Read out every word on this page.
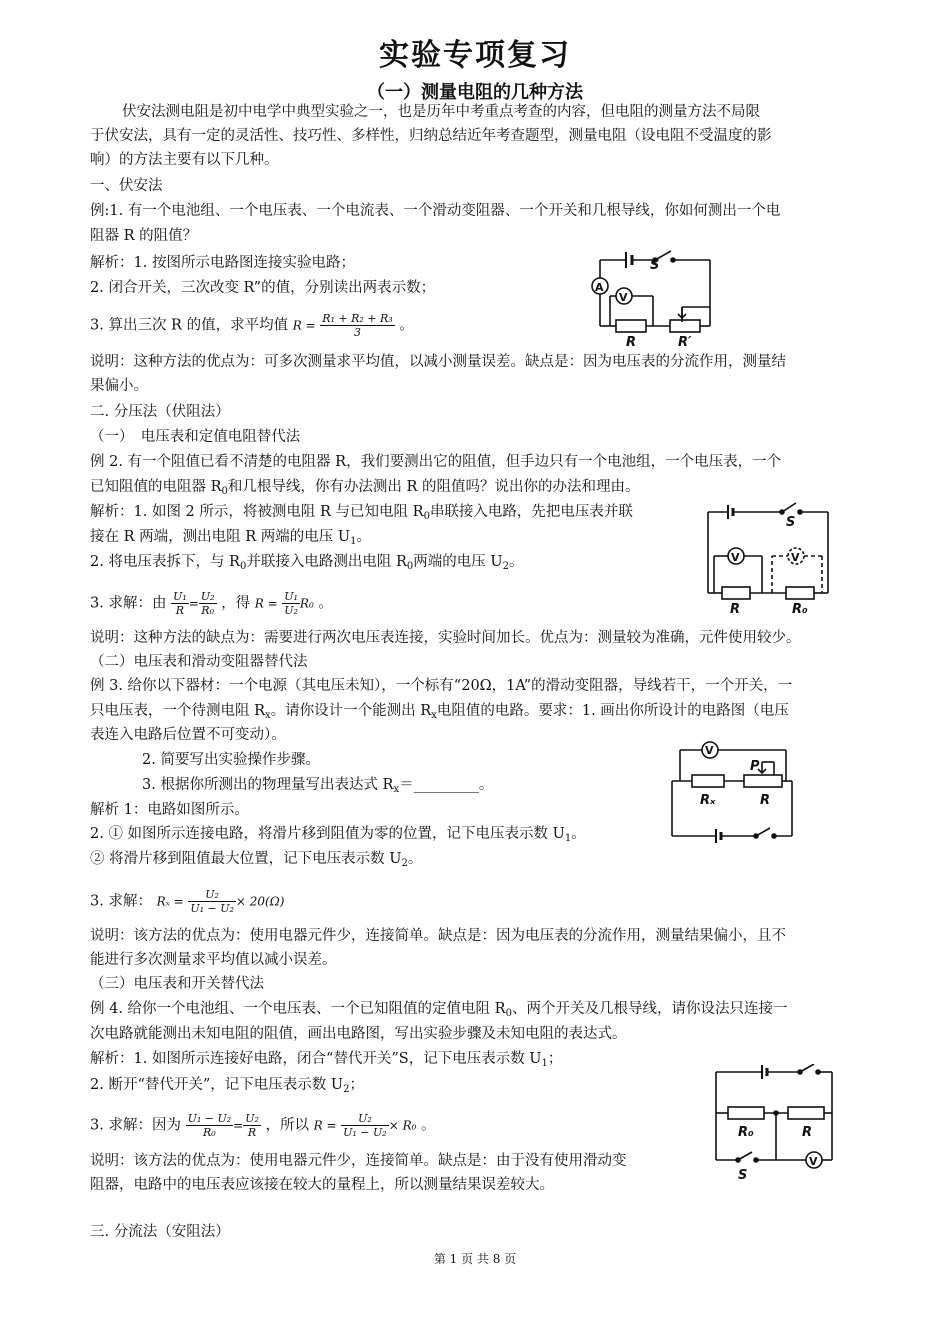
实验专项复习
（一）测量电阻的几种方法
伏安法测电阻是初中电学中典型实验之一，也是历年中考重点考查的内容，但电阻的测量方法不局限
于伏安法，具有一定的灵活性、技巧性、多样性，归纳总结近年考查题型，测量电阻（设电阻不受温度的影
响）的方法主要有以下几种。
一、伏安法
例:1. 有一个电池组、一个电压表、一个电流表、一个滑动变阻器、一个开关和几根导线，你如何测出一个电
阻器 R 的阻值？
解析：1. 按图所示电路图连接实验电路；
2. 闭合开关，三次改变 R”的值，分别读出两表示数；
3. 算出三次 R 的值，求平均值 $R = \frac{\text{R₁ + R₂ + R₃}}{3}$ 。
说明：这种方法的优点为：可多次测量求平均值，以减小测量误差。缺点是：因为电压表的分流作用，测量结
果偏小。
S
A
V
R	R′
二. 分压法（伏阻法）
（一）　电压表和定值电阻替代法
例 2. 有一个阻值已看不清楚的电阻器 R，我们要测出它的阻值，但手边只有一个电池组，一个电压表，一个
已知阻值的电阻器 $R_0$和几根导线，你有办法测出 R 的阻值吗？说出你的办法和理由。
解析：1. 如图 2 所示，将被测电阻 R 与已知电阻 $R_0$串联接入电路，先把电压表并联
接在 R 两端，测出电阻 R 两端的电压 $U_1$。
2. 将电压表拆下，与 $R_0$并联接入电路测出电阻 $R_0$两端的电压 $U_2$。
3. 求解：由 $\frac{\text{U₁}}{R} = \frac{\text{U₂}}{\text{R₀}}$ ，得 $R = \frac{\text{U₁}}{\text{U₂}} R_0$ 。
说明：这种方法的缺点为：需要进行两次电压表连接，实验时间加长。优点为：测量较为准确，元件使用较少。
S
V	V
R	R₀
（二）电压表和滑动变阻器替代法
例 3. 给你以下器材：一个电源（其电压未知），一个标有“20Ω，1A”的滑动变阻器，导线若干，一个开关，一
只电压表，一个待测电阻 $R_x$。请你设计一个能测出 $R_x$电阻值的电路。要求：1. 画出你所设计的电路图（电压
表连入电路后位置不可变动）。
2. 简要写出实验操作步骤。
3. 根据你所测出的物理量写出表达式 $R_x=\_\_\_\_\_\_\_\_\_$。
解析 1：电路如图所示。
2. ① 如图所示连接电路，将滑片移到阻值为零的位置，记下电压表示数 $U_1$。
② 将滑片移到阻值最大位置，记下电压表示数 $U_2$。
3. 求解： $R_x = \frac{\text{U₂}}{\text{U₁ − U₂}} \times 20(\Omega)$
说明：该方法的优点为：使用电器元件少，连接简单。缺点是：因为电压表的分流作用，测量结果偏小，且不
能进行多次测量求平均值以减小误差。
V
P
Rₓ	R
（三）电压表和开关替代法
例 4. 给你一个电池组、一个电压表、一个已知阻值的定值电阻 $R_0$、两个开关及几根导线，请你设法只连接一
次电路就能测出未知电阻的阻值，画出电路图，写出实验步骤及未知电阻的表达式。
解析：1. 如图所示连接好电路，闭合“替代开关”S，记下电压表示数 $U_1$；
2. 断开“替代开关”，记下电压表示数 $U_2$；
3. 求解：因为 $\frac{\text{U₁ − U₂}}{\text{R₀}} = \frac{\text{U₂}}{R}$ ，所以 $R = \frac{\text{U₂}}{\text{U₁ − U₂}} \times R_0$ 。
说明：该方法的优点为：使用电器元件少，连接简单。缺点是：由于没有使用滑动变
阻器，电路中的电压表应该接在较大的量程上，所以测量结果误差较大。
R₀	R
S
V
三. 分流法（安阻法）
第 1 页 共 8 页
